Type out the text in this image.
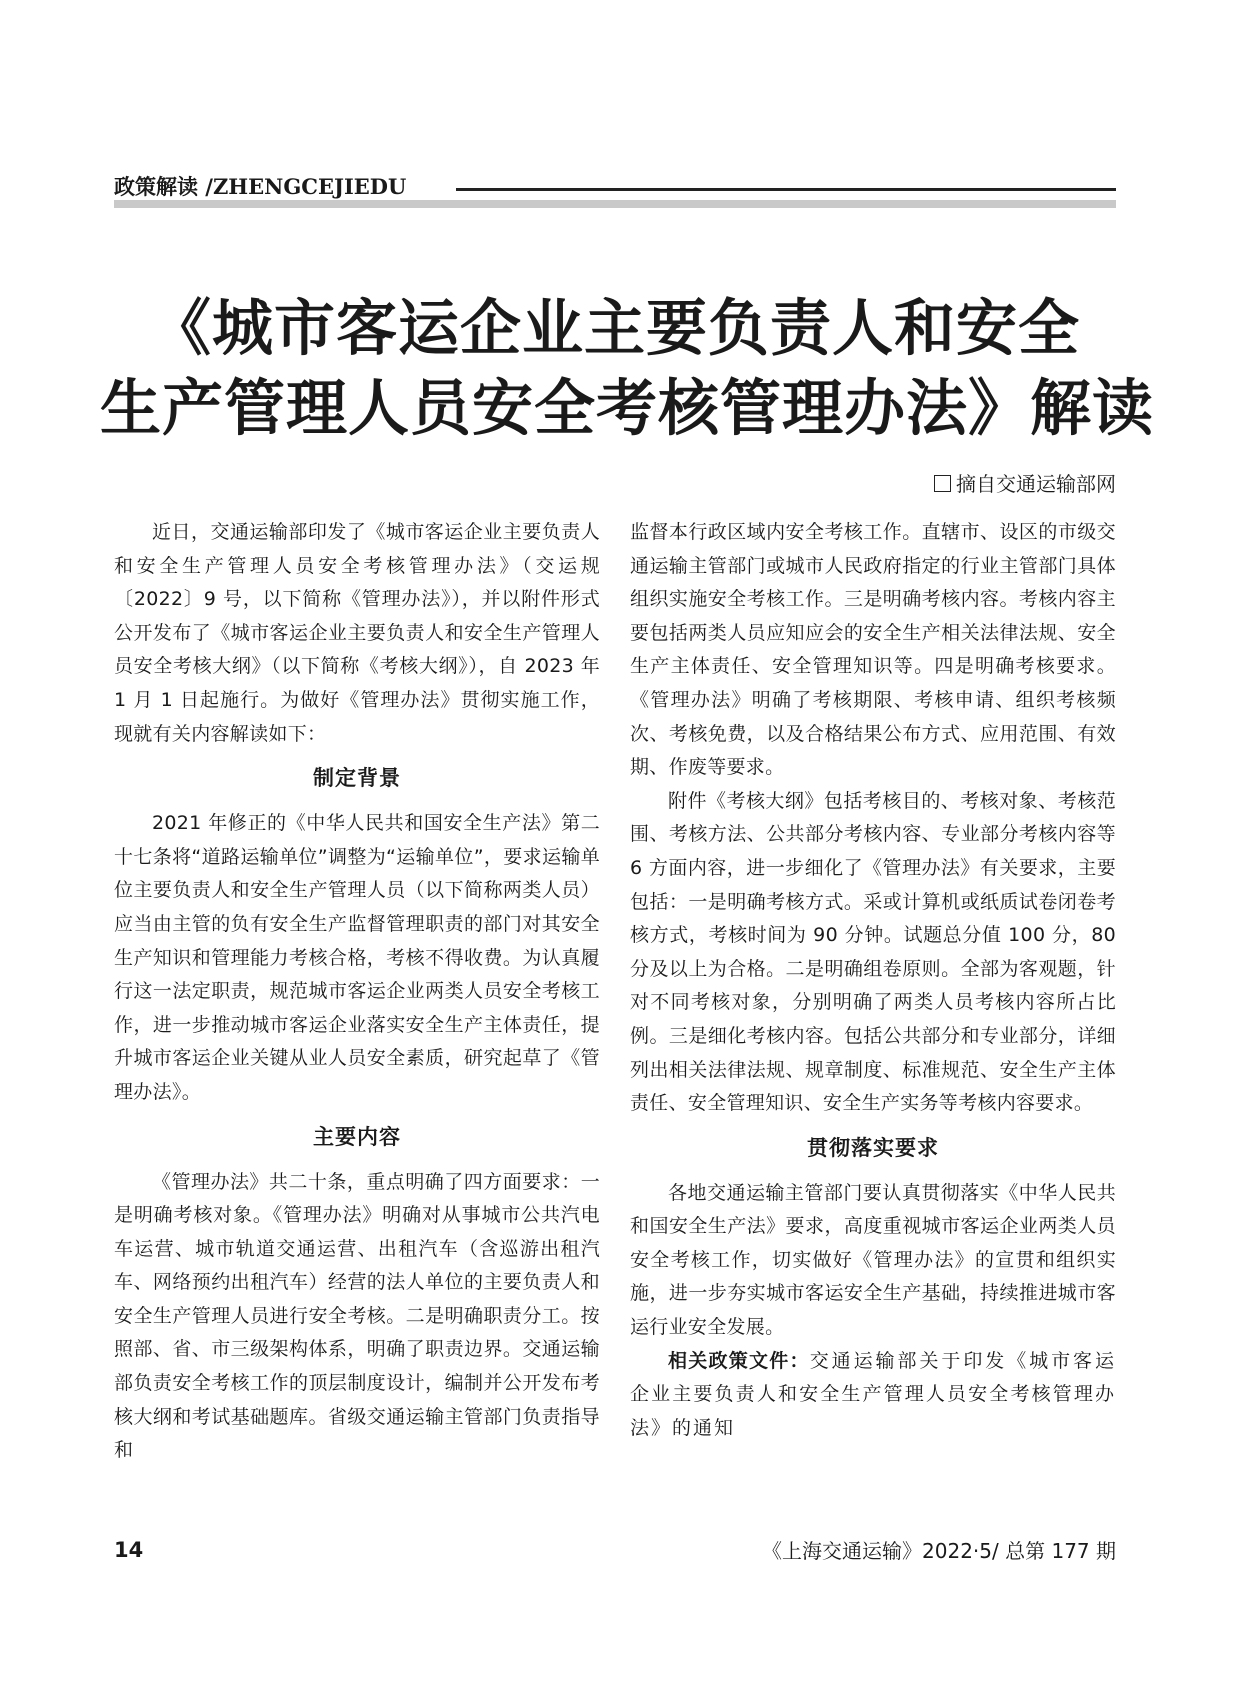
政策解读 /ZHENGCEJIEDU
《城市客运企业主要负责人和安全
生产管理人员安全考核管理办法》解读
摘自交通运输部网

近日，交通运输部印发了《城市客运企业主要负责人和安全生产管理人员安全考核管理办法》（交运规〔2022〕9 号，以下简称《管理办法》），并以附件形式公开发布了《城市客运企业主要负责人和安全生产管理人员安全考核大纲》（以下简称《考核大纲》），自 2023 年 1 月 1 日起施行。为做好《管理办法》贯彻实施工作，现就有关内容解读如下：

制定背景

2021 年修正的《中华人民共和国安全生产法》第二十七条将“道路运输单位”调整为“运输单位”，要求运输单位主要负责人和安全生产管理人员（以下简称两类人员）应当由主管的负有安全生产监督管理职责的部门对其安全生产知识和管理能力考核合格，考核不得收费。为认真履行这一法定职责，规范城市客运企业两类人员安全考核工作，进一步推动城市客运企业落实安全生产主体责任，提升城市客运企业关键从业人员安全素质，研究起草了《管理办法》。

主要内容

《管理办法》共二十条，重点明确了四方面要求：一是明确考核对象。《管理办法》明确对从事城市公共汽电车运营、城市轨道交通运营、出租汽车（含巡游出租汽车、网络预约出租汽车）经营的法人单位的主要负责人和安全生产管理人员进行安全考核。二是明确职责分工。按照部、省、市三级架构体系，明确了职责边界。交通运输部负责安全考核工作的顶层制度设计，编制并公开发布考核大纲和考试基础题库。省级交通运输主管部门负责指导和

监督本行政区域内安全考核工作。直辖市、设区的市级交通运输主管部门或城市人民政府指定的行业主管部门具体组织实施安全考核工作。三是明确考核内容。考核内容主要包括两类人员应知应会的安全生产相关法律法规、安全生产主体责任、安全管理知识等。四是明确考核要求。《管理办法》明确了考核期限、考核申请、组织考核频次、考核免费，以及合格结果公布方式、应用范围、有效期、作废等要求。

附件《考核大纲》包括考核目的、考核对象、考核范围、考核方法、公共部分考核内容、专业部分考核内容等 6 方面内容，进一步细化了《管理办法》有关要求，主要包括：一是明确考核方式。采或计算机或纸质试卷闭卷考核方式，考核时间为 90 分钟。试题总分值 100 分，80 分及以上为合格。二是明确组卷原则。全部为客观题，针对不同考核对象，分别明确了两类人员考核内容所占比例。三是细化考核内容。包括公共部分和专业部分，详细列出相关法律法规、规章制度、标准规范、安全生产主体责任、安全管理知识、安全生产实务等考核内容要求。

贯彻落实要求

各地交通运输主管部门要认真贯彻落实《中华人民共和国安全生产法》要求，高度重视城市客运企业两类人员安全考核工作，切实做好《管理办法》的宣贯和组织实施，进一步夯实城市客运安全生产基础，持续推进城市客运行业安全发展。

相关政策文件：交通运输部关于印发《城市客运企业主要负责人和安全生产管理人员安全考核管理办法》的通知

14	《上海交通运输》2022·5/ 总第 177 期
